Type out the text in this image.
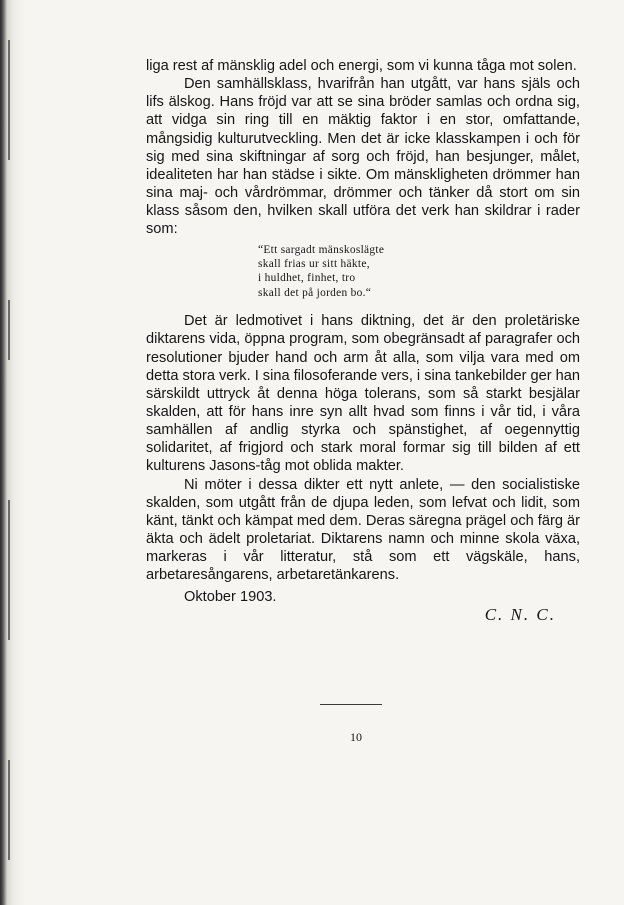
liga rest af mänsklig adel och energi, som vi kunna tåga mot solen.

Den samhällsklass, hvarifrån han utgått, var hans själs och lifs älskog. Hans fröjd var att se sina bröder samlas och ordna sig, att vidga sin ring till en mäktig faktor i en stor, omfattande, mångsidig kulturutveckling. Men det är icke klasskampen i och för sig med sina skiftningar af sorg och fröjd, han besjunger, målet, idealiteten har han städse i sikte. Om mänskligheten drömmer han sina maj- och vårdrömmar, drömmer och tänker då stort om sin klass såsom den, hvilken skall utföra det verk han skildrar i rader som:

“Ett sargadt mänskoslägte
skall frias ur sitt häkte,
i huldhet, finhet, tro
skall det på jorden bo.“

Det är ledmotivet i hans diktning, det är den proletäriske diktarens vida, öppna program, som obegränsadt af paragrafer och resolutioner bjuder hand och arm åt alla, som vilja vara med om detta stora verk. I sina filosoferande vers, i sina tankebilder ger han särskildt uttryck åt denna höga tolerans, som så starkt besjälar skalden, att för hans inre syn allt hvad som finns i vår tid, i våra samhällen af andlig styrka och spänstighet, af oegennyttig solidaritet, af frigjord och stark moral formar sig till bilden af ett kulturens Jasons-tåg mot oblida makter.

Ni möter i dessa dikter ett nytt anlete, — den socialistiske skalden, som utgått från de djupa leden, som lefvat och lidit, som känt, tänkt och kämpat med dem. Deras säregna prägel och färg är äkta och ädelt proletariat. Diktarens namn och minne skola växa, markeras i vår litteratur, stå som ett vägskäle, hans, arbetaresångarens, arbetaretänkarens.

Oktober 1903.
C. N. C.
10
